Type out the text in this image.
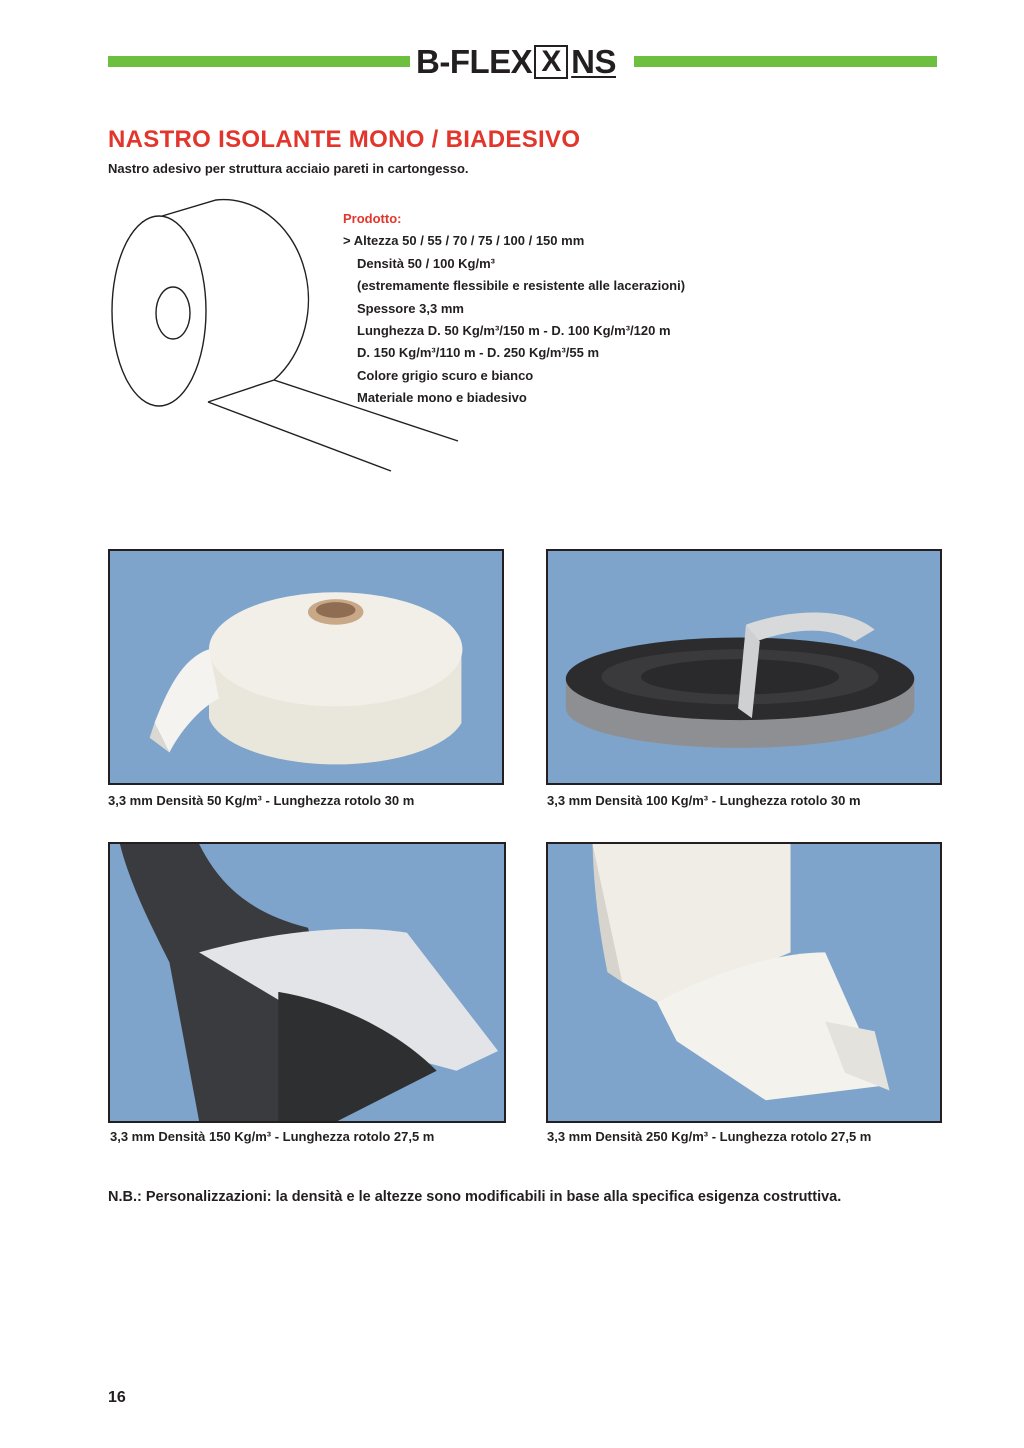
B-FLEX X NS
NASTRO ISOLANTE MONO / BIADESIVO

Nastro adesivo per struttura acciaio pareti in cartongesso.

Prodotto:
> Altezza 50 / 55 / 70 / 75 / 100 / 150 mm
Densità 50 / 100 Kg/m³
(estremamente flessibile e resistente alle lacerazioni)
Spessore 3,3 mm
Lunghezza D. 50 Kg/m³/150 m - D. 100 Kg/m³/120 m
D. 150 Kg/m³/110 m - D. 250 Kg/m³/55 m
Colore grigio scuro e bianco
Materiale mono e biadesivo
3,3 mm Densità 50 Kg/m³ - Lunghezza rotolo 30 m	3,3 mm Densità 100 Kg/m³ - Lunghezza rotolo 30 m
3,3 mm Densità 150 Kg/m³ - Lunghezza rotolo 27,5 m	3,3 mm Densità 250 Kg/m³ - Lunghezza rotolo 27,5 m
N.B.: Personalizzazioni: la densità e le altezze sono modificabili in base alla specifica esigenza costruttiva.
16
